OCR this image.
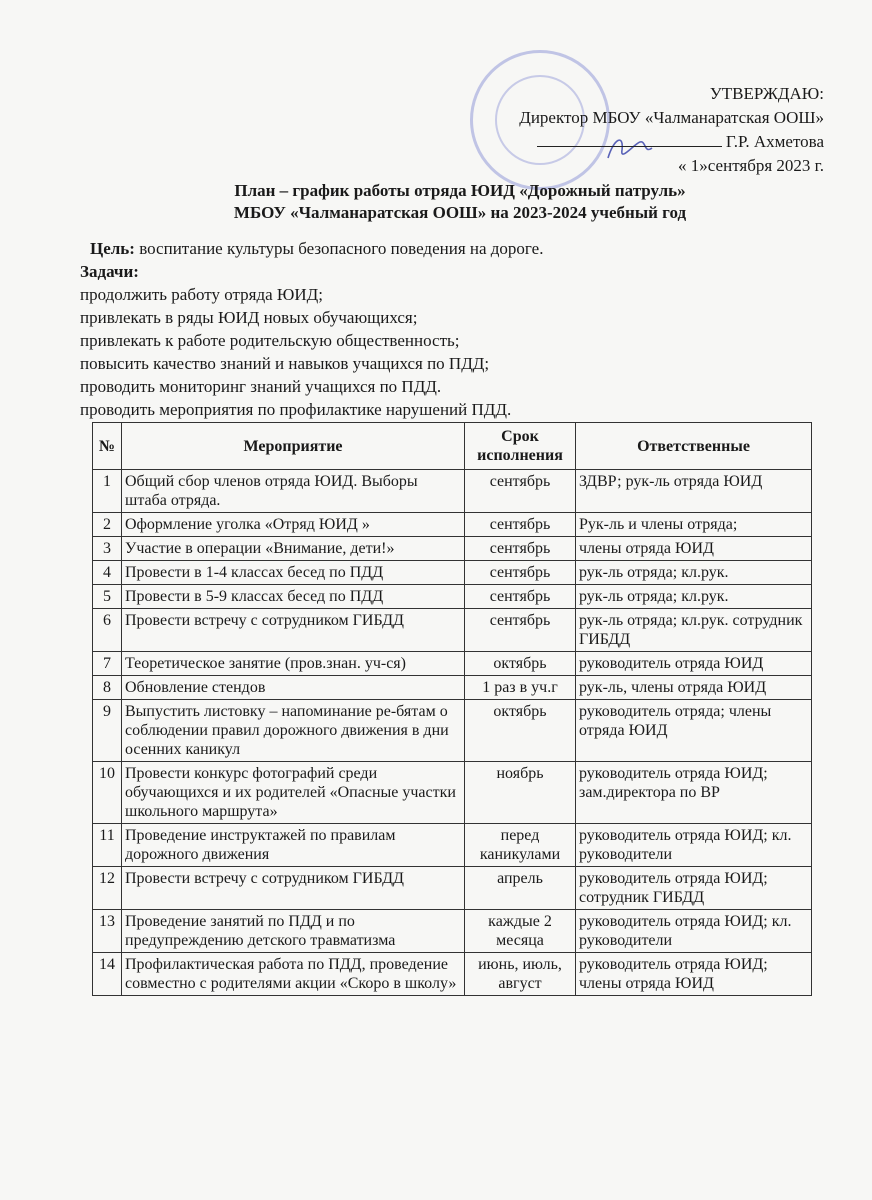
УТВЕРЖДАЮ:
Директор МБОУ «Чалманаратская ООШ»
Г.Р. Ахметова
« 1»сентября 2023 г.
План – график работы отряда ЮИД «Дорожный патруль»
МБОУ «Чалманаратская ООШ» на 2023-2024 учебный год
Цель: воспитание культуры безопасного поведения на дороге.
Задачи:
продолжить работу отряда ЮИД;
привлекать в ряды ЮИД новых обучающихся;
привлекать к работе родительскую общественность;
повысить качество знаний и навыков учащихся по ПДД;
проводить мониторинг знаний учащихся по ПДД.
проводить мероприятия по профилактике нарушений ПДД.
№	Мероприятие	Срок исполнения	Ответственные
1	Общий сбор членов отряда ЮИД. Выборы штаба отряда.	сентябрь	ЗДВР; рук-ль отряда ЮИД
2	Оформление уголка «Отряд ЮИД »	сентябрь	Рук-ль и члены отряда;
3	Участие в операции «Внимание, дети!»	сентябрь	члены отряда ЮИД
4	Провести в 1-4 классах бесед по ПДД	сентябрь	рук-ль отряда; кл.рук.
5	Провести в 5-9 классах бесед по ПДД	сентябрь	рук-ль отряда; кл.рук.
6	Провести встречу с сотрудником ГИБДД	сентябрь	рук-ль отряда; кл.рук. сотрудник ГИБДД
7	Теоретическое занятие (пров.знан. уч-ся)	октябрь	руководитель отряда ЮИД
8	Обновление стендов	1 раз в уч.г	рук-ль, члены отряда ЮИД
9	Выпустить листовку – напоминание ре-бятам о соблюдении правил дорожного движения в дни осенних каникул	октябрь	руководитель отряда; члены отряда ЮИД
10	Провести конкурс фотографий среди обучающихся и их родителей «Опасные участки школьного маршрута»	ноябрь	руководитель отряда ЮИД; зам.директора по ВР
11	Проведение инструктажей по правилам дорожного движения	перед каникулами	руководитель отряда ЮИД; кл. руководители
12	Провести встречу с сотрудником ГИБДД	апрель	руководитель отряда ЮИД; сотрудник ГИБДД
13	Проведение занятий по ПДД и по предупреждению детского травматизма	каждые 2 месяца	руководитель отряда ЮИД; кл. руководители
14	Профилактическая работа по ПДД, проведение совместно с родителями акции «Скоро в школу»	июнь, июль, август	руководитель отряда ЮИД; члены отряда ЮИД
